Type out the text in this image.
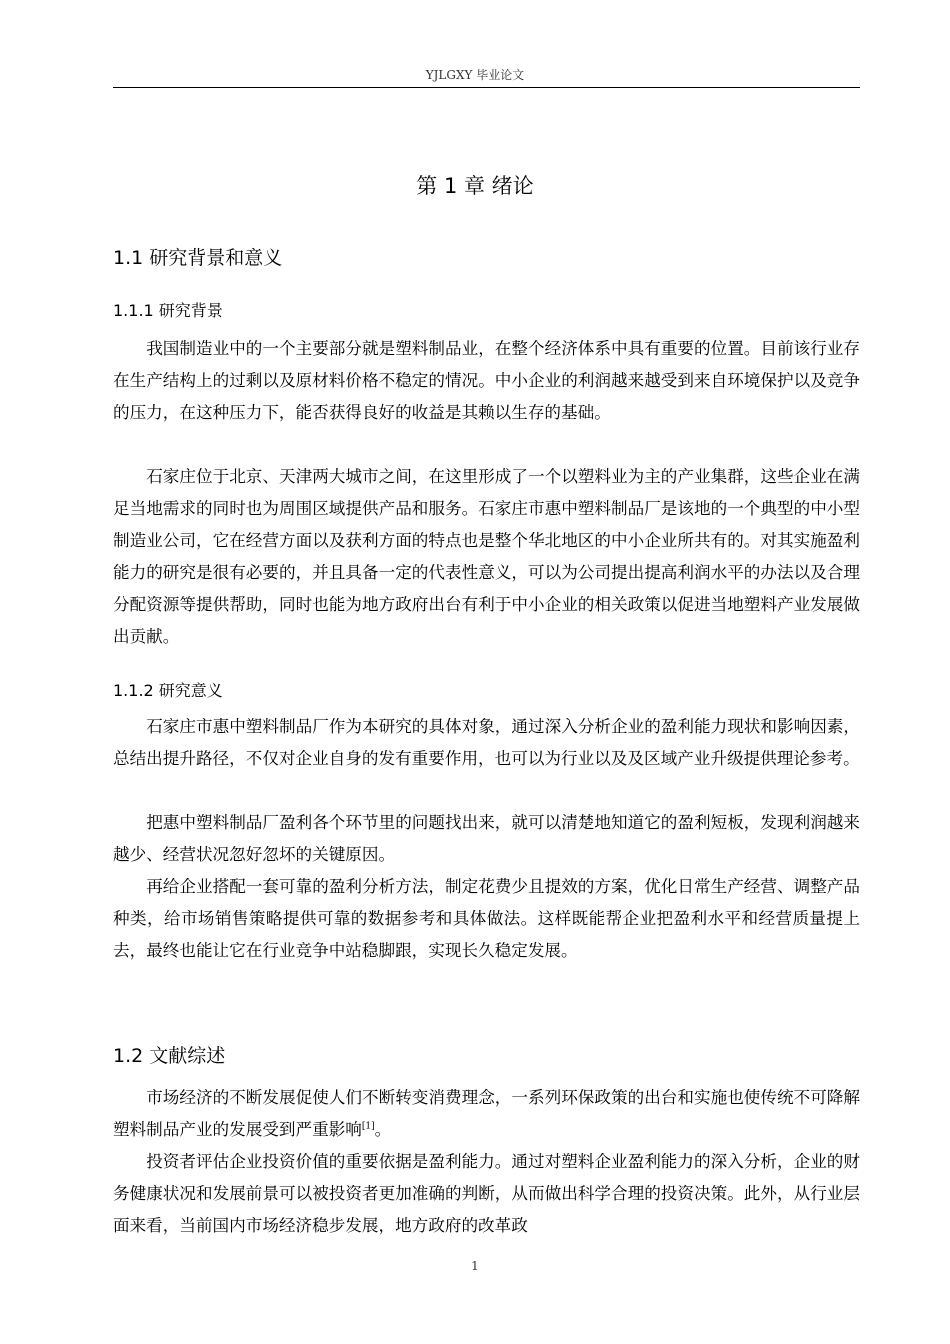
YJLGXY 毕业论文
第 1 章 绪论
1.1 研究背景和意义
1.1.1 研究背景

我国制造业中的一个主要部分就是塑料制品业，在整个经济体系中具有重要的位置。目前该行业存在生产结构上的过剩以及原材料价格不稳定的情况。中小企业的利润越来越受到来自环境保护以及竞争的压力，在这种压力下，能否获得良好的收益是其赖以生存的基础。

石家庄位于北京、天津两大城市之间，在这里形成了一个以塑料业为主的产业集群，这些企业在满足当地需求的同时也为周围区域提供产品和服务。石家庄市惠中塑料制品厂是该地的一个典型的中小型制造业公司，它在经营方面以及获利方面的特点也是整个华北地区的中小企业所共有的。对其实施盈利能力的研究是很有必要的，并且具备一定的代表性意义，可以为公司提出提高利润水平的办法以及合理分配资源等提供帮助，同时也能为地方政府出台有利于中小企业的相关政策以促进当地塑料产业发展做出贡献。

1.1.2 研究意义

石家庄市惠中塑料制品厂作为本研究的具体对象，通过深入分析企业的盈利能力现状和影响因素，总结出提升路径，不仅对企业自身的发有重要作用，也可以为行业以及及区域产业升级提供理论参考。

把惠中塑料制品厂盈利各个环节里的问题找出来，就可以清楚地知道它的盈利短板，发现利润越来越少、经营状况忽好忽坏的关键原因。

再给企业搭配一套可靠的盈利分析方法，制定花费少且提效的方案，优化日常生产经营、调整产品种类，给市场销售策略提供可靠的数据参考和具体做法。这样既能帮企业把盈利水平和经营质量提上去，最终也能让它在行业竞争中站稳脚跟，实现长久稳定发展。

1.2 文献综述

市场经济的不断发展促使人们不断转变消费理念，一系列环保政策的出台和实施也使传统不可降解塑料制品产业的发展受到严重影响[1]。

投资者评估企业投资价值的重要依据是盈利能力。通过对塑料企业盈利能力的深入分析，企业的财务健康状况和发展前景可以被投资者更加准确的判断，从而做出科学合理的投资决策。此外，从行业层面来看，当前国内市场经济稳步发展，地方政府的改革政

1
